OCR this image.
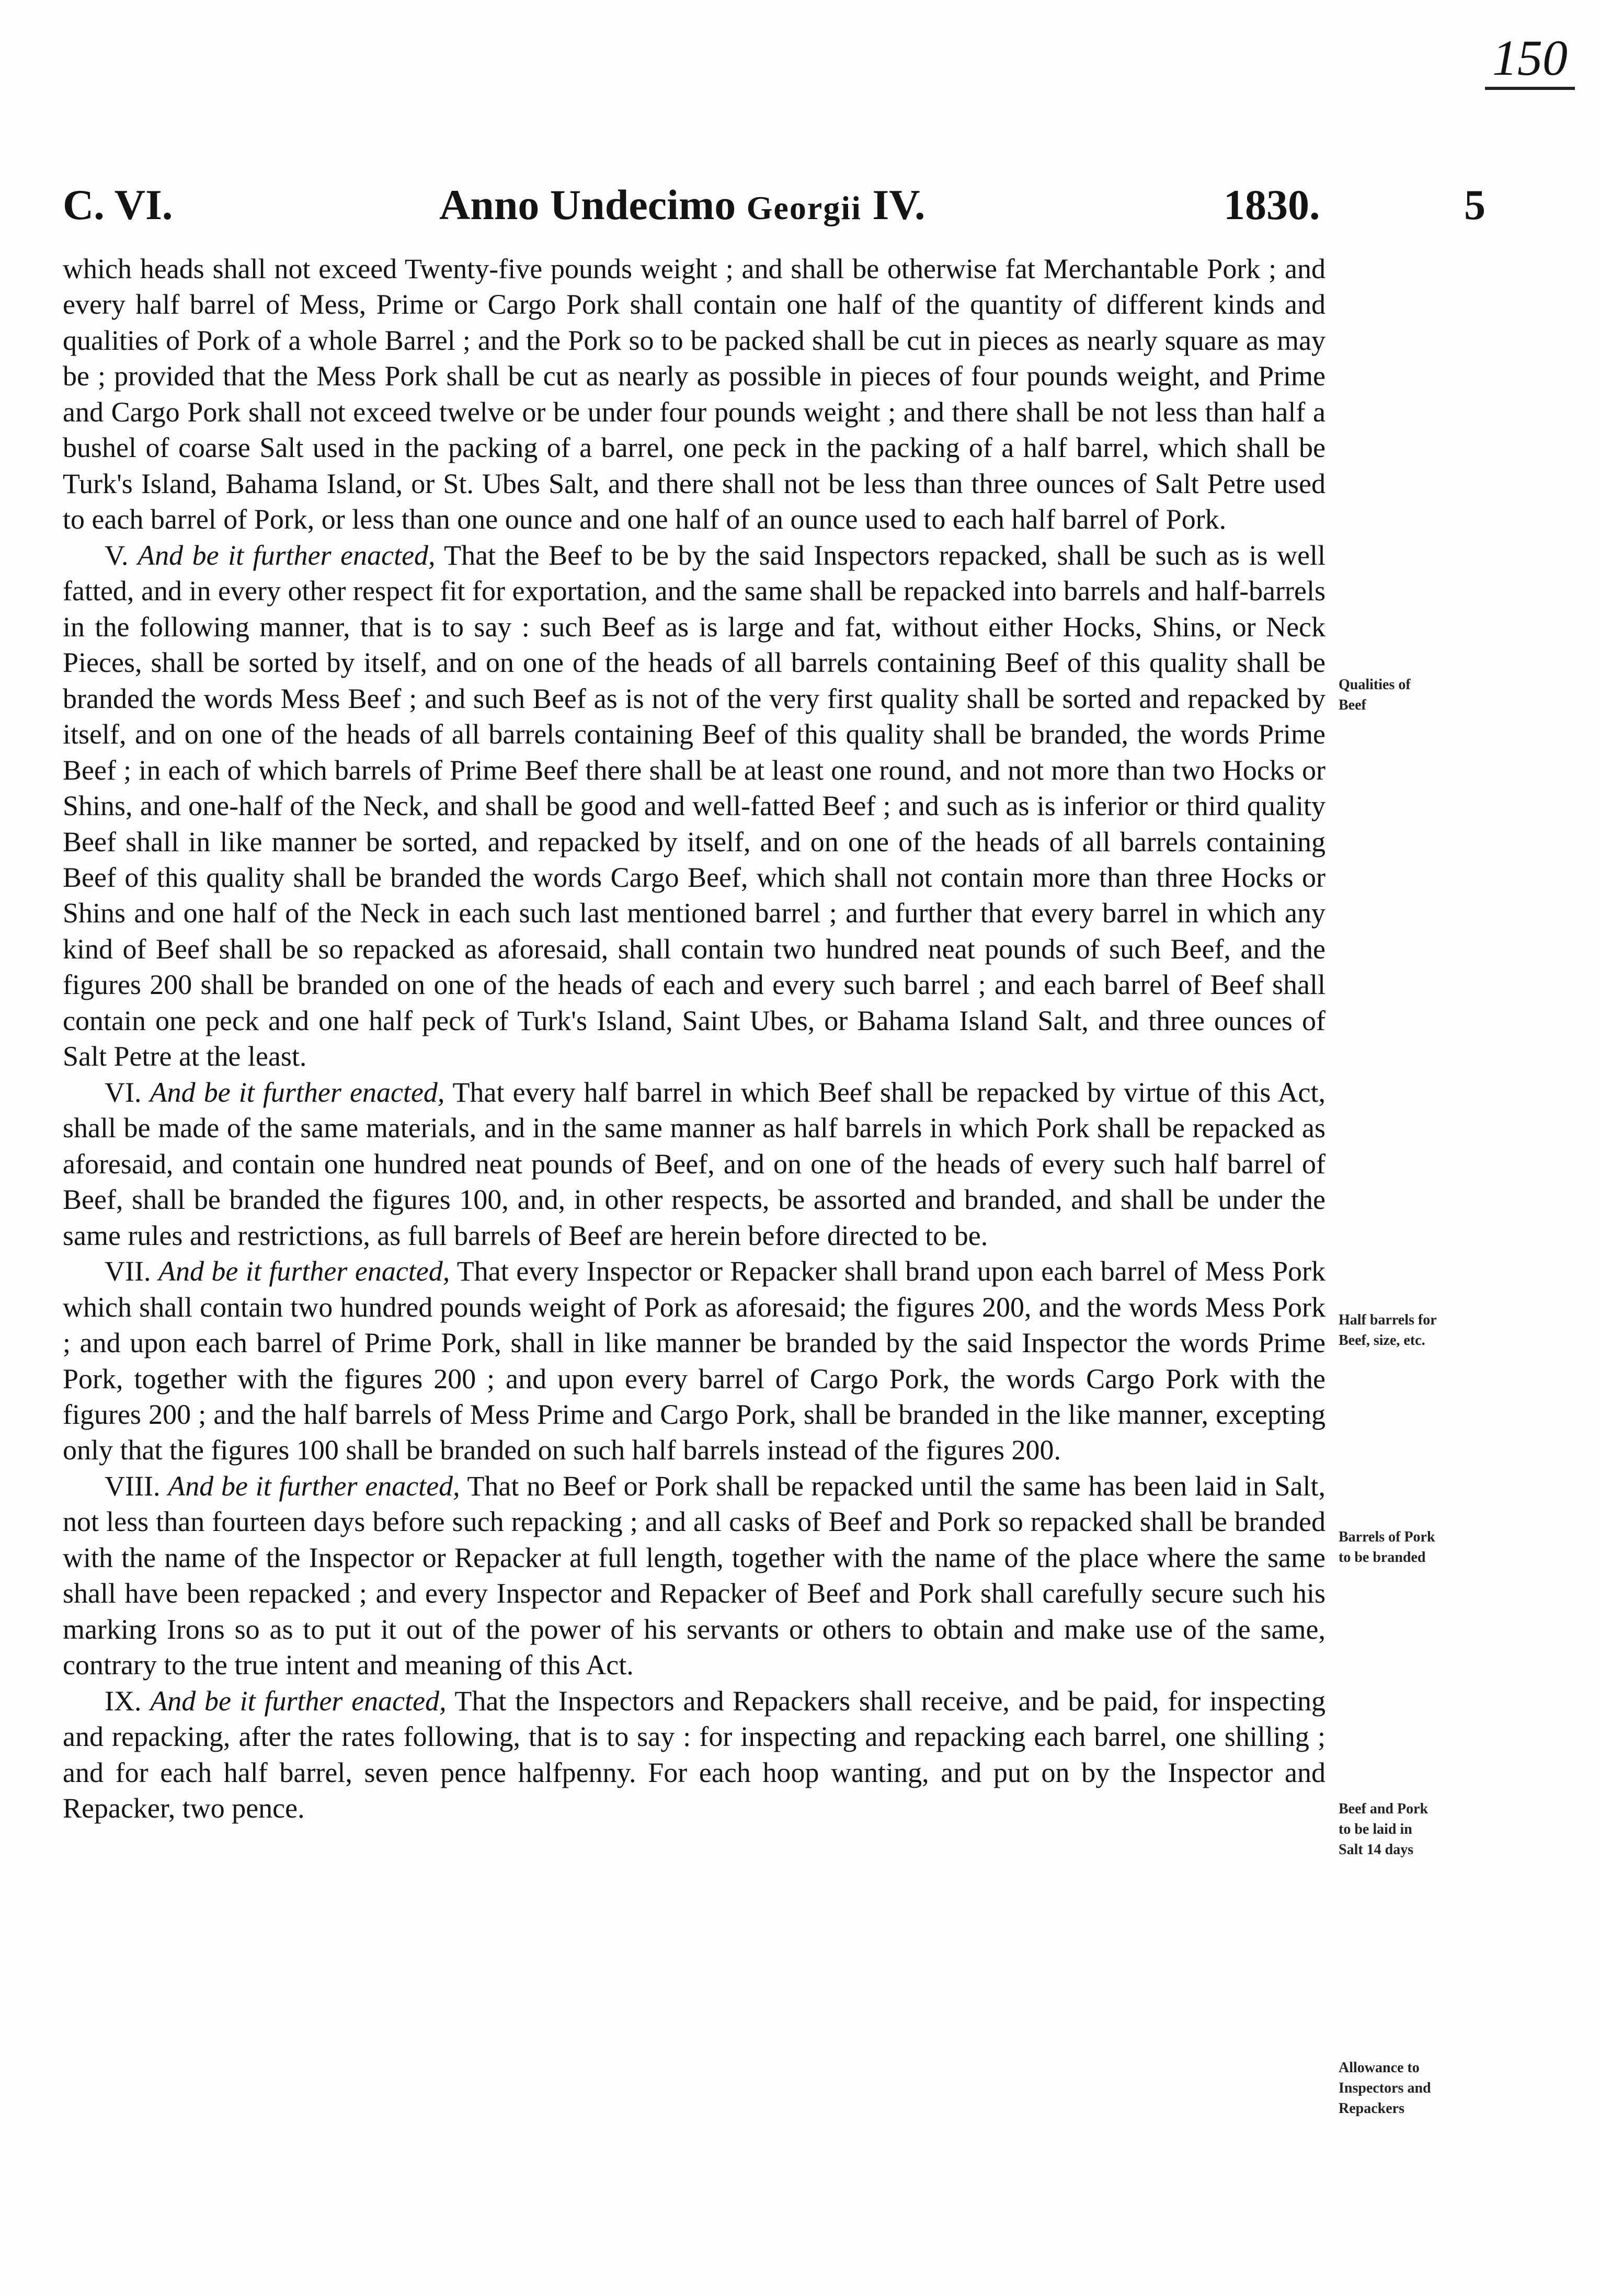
150
C. VI.	Anno Undecimo Georgii IV.	1830.	5

which heads shall not exceed Twenty-five pounds weight ; and shall be otherwise fat Merchantable Pork ; and every half barrel of Mess, Prime or Cargo Pork shall contain one half of the quantity of different kinds and qualities of Pork of a whole Barrel ; and the Pork so to be packed shall be cut in pieces as nearly square as may be ; provided that the Mess Pork shall be cut as nearly as possible in pieces of four pounds weight, and Prime and Cargo Pork shall not exceed twelve or be under four pounds weight ; and there shall be not less than half a bushel of coarse Salt used in the packing of a barrel, one peck in the packing of a half barrel, which shall be Turk's Island, Bahama Island, or St. Ubes Salt, and there shall not be less than three ounces of Salt Petre used to each barrel of Pork, or less than one ounce and one half of an ounce used to each half barrel of Pork.

V. And be it further enacted, That the Beef to be by the said Inspectors repacked, shall be such as is well fatted, and in every other respect fit for exportation, and the same shall be repacked into barrels and half-barrels in the following manner, that is to say : such Beef as is large and fat, without either Hocks, Shins, or Neck Pieces, shall be sorted by itself, and on one of the heads of all barrels containing Beef of this quality shall be branded the words Mess Beef ; and such Beef as is not of the very first quality shall be sorted and repacked by itself, and on one of the heads of all barrels containing Beef of this quality shall be branded, the words Prime Beef ; in each of which barrels of Prime Beef there shall be at least one round, and not more than two Hocks or Shins, and one-half of the Neck, and shall be good and well-fatted Beef ; and such as is inferior or third quality Beef shall in like manner be sorted, and repacked by itself, and on one of the heads of all barrels containing Beef of this quality shall be branded the words Cargo Beef, which shall not contain more than three Hocks or Shins and one half of the Neck in each such last mentioned barrel ; and further that every barrel in which any kind of Beef shall be so repacked as aforesaid, shall contain two hundred neat pounds of such Beef, and the figures 200 shall be branded on one of the heads of each and every such barrel ; and each barrel of Beef shall contain one peck and one half peck of Turk's Island, Saint Ubes, or Bahama Island Salt, and three ounces of Salt Petre at the least.

VI. And be it further enacted, That every half barrel in which Beef shall be repacked by virtue of this Act, shall be made of the same materials, and in the same manner as half barrels in which Pork shall be repacked as aforesaid, and contain one hundred neat pounds of Beef, and on one of the heads of every such half barrel of Beef, shall be branded the figures 100, and, in other respects, be assorted and branded, and shall be under the same rules and restrictions, as full barrels of Beef are herein before directed to be.

VII. And be it further enacted, That every Inspector or Repacker shall brand upon each barrel of Mess Pork which shall contain two hundred pounds weight of Pork as aforesaid; the figures 200, and the words Mess Pork ; and upon each barrel of Prime Pork, shall in like manner be branded by the said Inspector the words Prime Pork, together with the figures 200 ; and upon every barrel of Cargo Pork, the words Cargo Pork with the figures 200 ; and the half barrels of Mess Prime and Cargo Pork, shall be branded in the like manner, excepting only that the figures 100 shall be branded on such half barrels instead of the figures 200.

VIII. And be it further enacted, That no Beef or Pork shall be repacked until the same has been laid in Salt, not less than fourteen days before such repacking ; and all casks of Beef and Pork so repacked shall be branded with the name of the Inspector or Repacker at full length, together with the name of the place where the same shall have been repacked ; and every Inspector and Repacker of Beef and Pork shall carefully secure such his marking Irons so as to put it out of the power of his servants or others to obtain and make use of the same, contrary to the true intent and meaning of this Act.

IX. And be it further enacted, That the Inspectors and Repackers shall receive, and be paid, for inspecting and repacking, after the rates following, that is to say : for inspecting and repacking each barrel, one shilling ; and for each half barrel, seven pence halfpenny. For each hoop wanting, and put on by the Inspector and Repacker, two pence.

Qualities of
Beef
Half barrels for
Beef, size, etc.
Barrels of Pork
to be branded
Beef and Pork
to be laid in
Salt 14 days
Allowance to
Inspectors and
Repackers
